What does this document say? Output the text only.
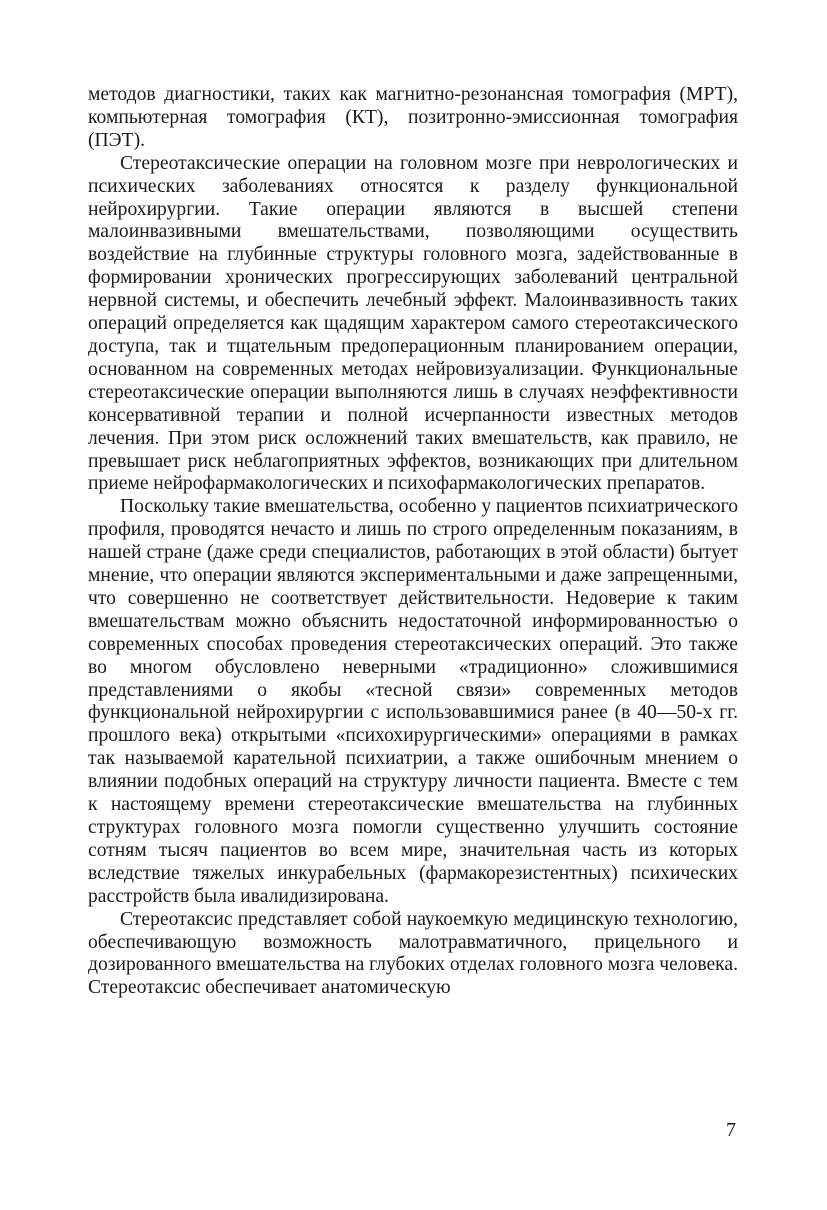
методов диагностики, таких как магнитно-резонансная томография (МРТ), компьютерная томография (КТ), позитронно-эмиссионная томография (ПЭТ).

Стереотаксические операции на головном мозге при неврологических и психических заболеваниях относятся к разделу функциональной нейрохирургии. Такие операции являются в высшей степени малоинвазивными вмешательствами, позволяющими осуществить воздействие на глубинные структуры головного мозга, задействованные в формировании хронических прогрессирующих заболеваний центральной нервной системы, и обеспечить лечебный эффект. Малоинвазивность таких операций определяется как щадящим характером самого стереотаксического доступа, так и тщательным предоперационным планированием операции, основанном на современных методах нейровизуализации. Функциональные стереотаксические операции выполняются лишь в случаях неэффективности консервативной терапии и полной исчерпанности известных методов лечения. При этом риск осложнений таких вмешательств, как правило, не превышает риск неблагоприятных эффектов, возникающих при длительном приеме нейрофармакологических и психофармакологических препаратов.

Поскольку такие вмешательства, особенно у пациентов психиатрического профиля, проводятся нечасто и лишь по строго определенным показаниям, в нашей стране (даже среди специалистов, работающих в этой области) бытует мнение, что операции являются экспериментальными и даже запрещенными, что совершенно не соответствует действительности. Недоверие к таким вмешательствам можно объяснить недостаточной информированностью о современных способах проведения стереотаксических операций. Это также во многом обусловлено неверными «традиционно» сложившимися представлениями о якобы «тесной связи» современных методов функциональной нейрохирургии с использовавшимися ранее (в 40—50-х гг. прошлого века) открытыми «психохирургическими» операциями в рамках так называемой карательной психиатрии, а также ошибочным мнением о влиянии подобных операций на структуру личности пациента. Вместе с тем к настоящему времени стереотаксические вмешательства на глубинных структурах головного мозга помогли существенно улучшить состояние сотням тысяч пациентов во всем мире, значительная часть из которых вследствие тяжелых инкурабельных (фармакорезистентных) психических расстройств была ивалидизирована.

Стереотаксис представляет собой наукоемкую медицинскую технологию, обеспечивающую возможность малотравматичного, прицельного и дозированного вмешательства на глубоких отделах головного мозга человека. Стереотаксис обеспечивает анатомическую

7
